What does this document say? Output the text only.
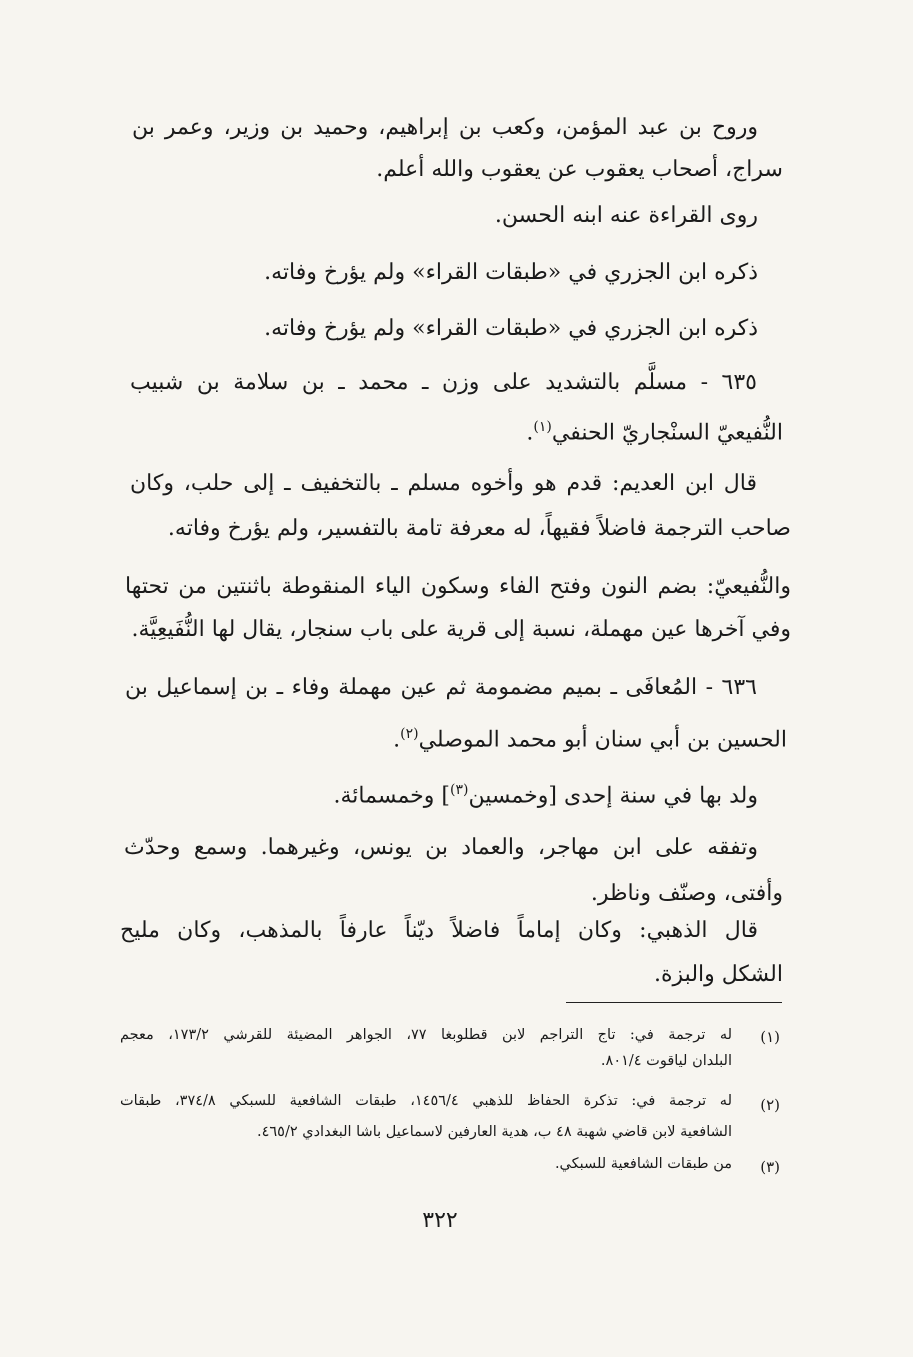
وروح بن عبد المؤمن، وكعب بن إبراهيم، وحميد بن وزير، وعمر بن
سراج، أصحاب يعقوب عن يعقوب والله أعلم.
روى القراءة عنه ابنه الحسن.
ذكره ابن الجزري في «طبقات القراء» ولم يؤرخ وفاته.
ذكره ابن الجزري في «طبقات القراء» ولم يؤرخ وفاته.
٦٣٥ - مسلَّم بالتشديد على وزن ـ محمد ـ بن سلامة بن شبيب
النُّفيعيّ السنْجاريّ الحنفي$^{(١)}$.
قال ابن العديم: قدم هو وأخوه مسلم ـ بالتخفيف ـ إلى حلب، وكان
صاحب الترجمة فاضلاً فقيهاً، له معرفة تامة بالتفسير، ولم يؤرخ وفاته.
والنُّفيعيّ: بضم النون وفتح الفاء وسكون الياء المنقوطة باثنتين من تحتها
وفي آخرها عين مهملة، نسبة إلى قرية على باب سنجار، يقال لها النُّفَيعِيَّة.
٦٣٦ - المُعافَى ـ بميم مضمومة ثم عين مهملة وفاء ـ بن إسماعيل بن
الحسين بن أبي سنان أبو محمد الموصلي$^{(٢)}$.
ولد بها في سنة إحدى [وخمسين$^{(٣)}$] وخمسمائة.
وتفقه على ابن مهاجر، والعماد بن يونس، وغيرهما. وسمع وحدّث
وأفتى، وصنّف وناظر.
قال الذهبي: وكان إماماً فاضلاً ديّناً عارفاً بالمذهب، وكان مليح
الشكل والبزة.
(١)
له ترجمة في: تاج التراجم لابن قطلوبغا ٧٧، الجواهر المضيئة للقرشي ١٧٣/٢، معجم
البلدان لياقوت ٨٠١/٤.
(٢)
له ترجمة في: تذكرة الحفاظ للذهبي ١٤٥٦/٤، طبقات الشافعية للسبكي ٣٧٤/٨، طبقات
الشافعية لابن قاضي شهبة ٤٨ ب، هدية العارفين لاسماعيل باشا البغدادي ٤٦٥/٢.
(٣)
من طبقات الشافعية للسبكي.
٣٢٢
